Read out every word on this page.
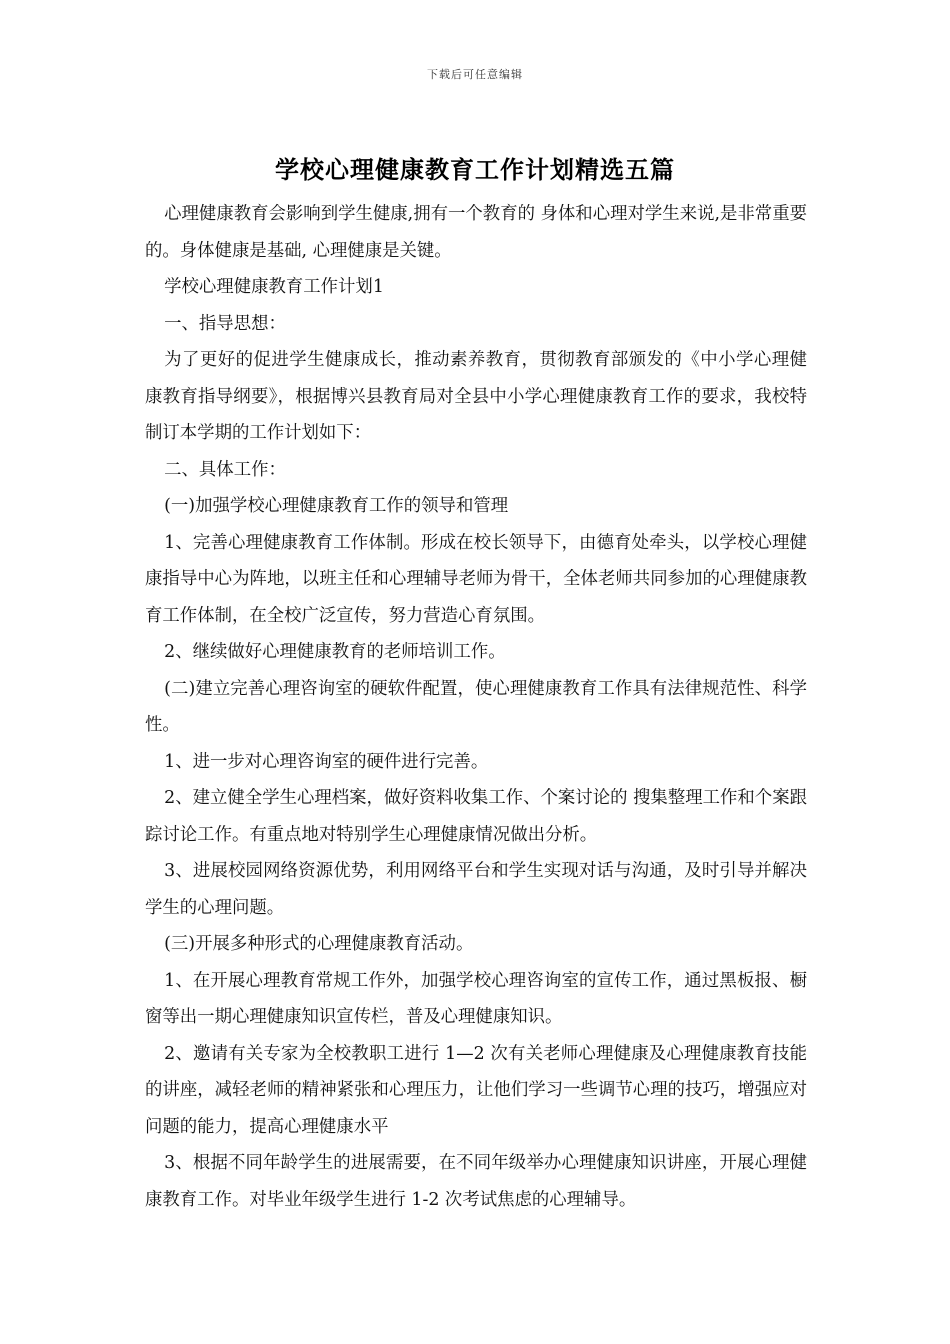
下载后可任意编辑
学校心理健康教育工作计划精选五篇

心理健康教育会影响到学生健康,拥有一个教育的 身体和心理对学生来说,是非常重要的。身体健康是基础, 心理健康是关键。

学校心理健康教育工作计划1

一、指导思想：

为了更好的促进学生健康成长，推动素养教育，贯彻教育部颁发的《中小学心理健康教育指导纲要》，根据博兴县教育局对全县中小学心理健康教育工作的要求，我校特制订本学期的工作计划如下：

二、具体工作：

(一)加强学校心理健康教育工作的领导和管理

1、完善心理健康教育工作体制。形成在校长领导下，由德育处牵头，以学校心理健康指导中心为阵地，以班主任和心理辅导老师为骨干，全体老师共同参加的心理健康教育工作体制，在全校广泛宣传，努力营造心育氛围。

2、继续做好心理健康教育的老师培训工作。

(二)建立完善心理咨询室的硬软件配置，使心理健康教育工作具有法律规范性、科学性。

1、进一步对心理咨询室的硬件进行完善。

2、建立健全学生心理档案，做好资料收集工作、个案讨论的 搜集整理工作和个案跟踪讨论工作。有重点地对特别学生心理健康情况做出分析。

3、进展校园网络资源优势，利用网络平台和学生实现对话与沟通，及时引导并解决学生的心理问题。

(三)开展多种形式的心理健康教育活动。

1、在开展心理教育常规工作外，加强学校心理咨询室的宣传工作，通过黑板报、橱窗等出一期心理健康知识宣传栏，普及心理健康知识。

2、邀请有关专家为全校教职工进行 1—2 次有关老师心理健康及心理健康教育技能的讲座，减轻老师的精神紧张和心理压力，让他们学习一些调节心理的技巧，增强应对问题的能力，提高心理健康水平

3、根据不同年龄学生的进展需要，在不同年级举办心理健康知识讲座，开展心理健康教育工作。对毕业年级学生进行 1-2 次考试焦虑的心理辅导。
